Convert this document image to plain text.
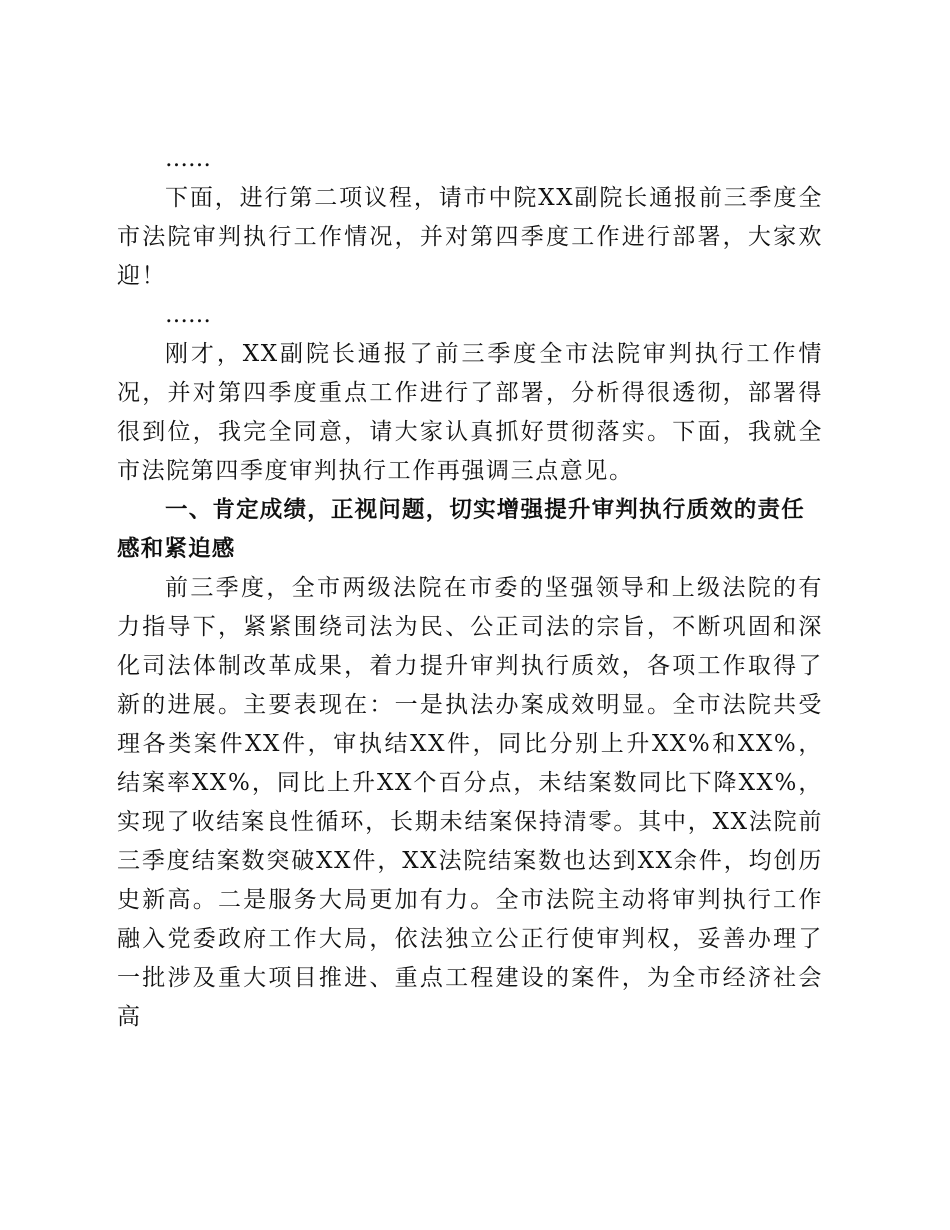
……

下面，进行第二项议程，请市中院XX副院长通报前三季度全市法院审判执行工作情况，并对第四季度工作进行部署，大家欢迎！

……

刚才，XX副院长通报了前三季度全市法院审判执行工作情况，并对第四季度重点工作进行了部署，分析得很透彻，部署得很到位，我完全同意，请大家认真抓好贯彻落实。下面，我就全市法院第四季度审判执行工作再强调三点意见。

一、肯定成绩，正视问题，切实增强提升审判执行质效的责任感和紧迫感

前三季度，全市两级法院在市委的坚强领导和上级法院的有力指导下，紧紧围绕司法为民、公正司法的宗旨，不断巩固和深化司法体制改革成果，着力提升审判执行质效，各项工作取得了新的进展。主要表现在：一是执法办案成效明显。全市法院共受理各类案件XX件，审执结XX件，同比分别上升XX%和XX%，结案率XX%，同比上升XX个百分点，未结案数同比下降XX%，实现了收结案良性循环，长期未结案保持清零。其中，XX法院前三季度结案数突破XX件，XX法院结案数也达到XX余件，均创历史新高。二是服务大局更加有力。全市法院主动将审判执行工作融入党委政府工作大局，依法独立公正行使审判权，妥善办理了一批涉及重大项目推进、重点工程建设的案件，为全市经济社会高
